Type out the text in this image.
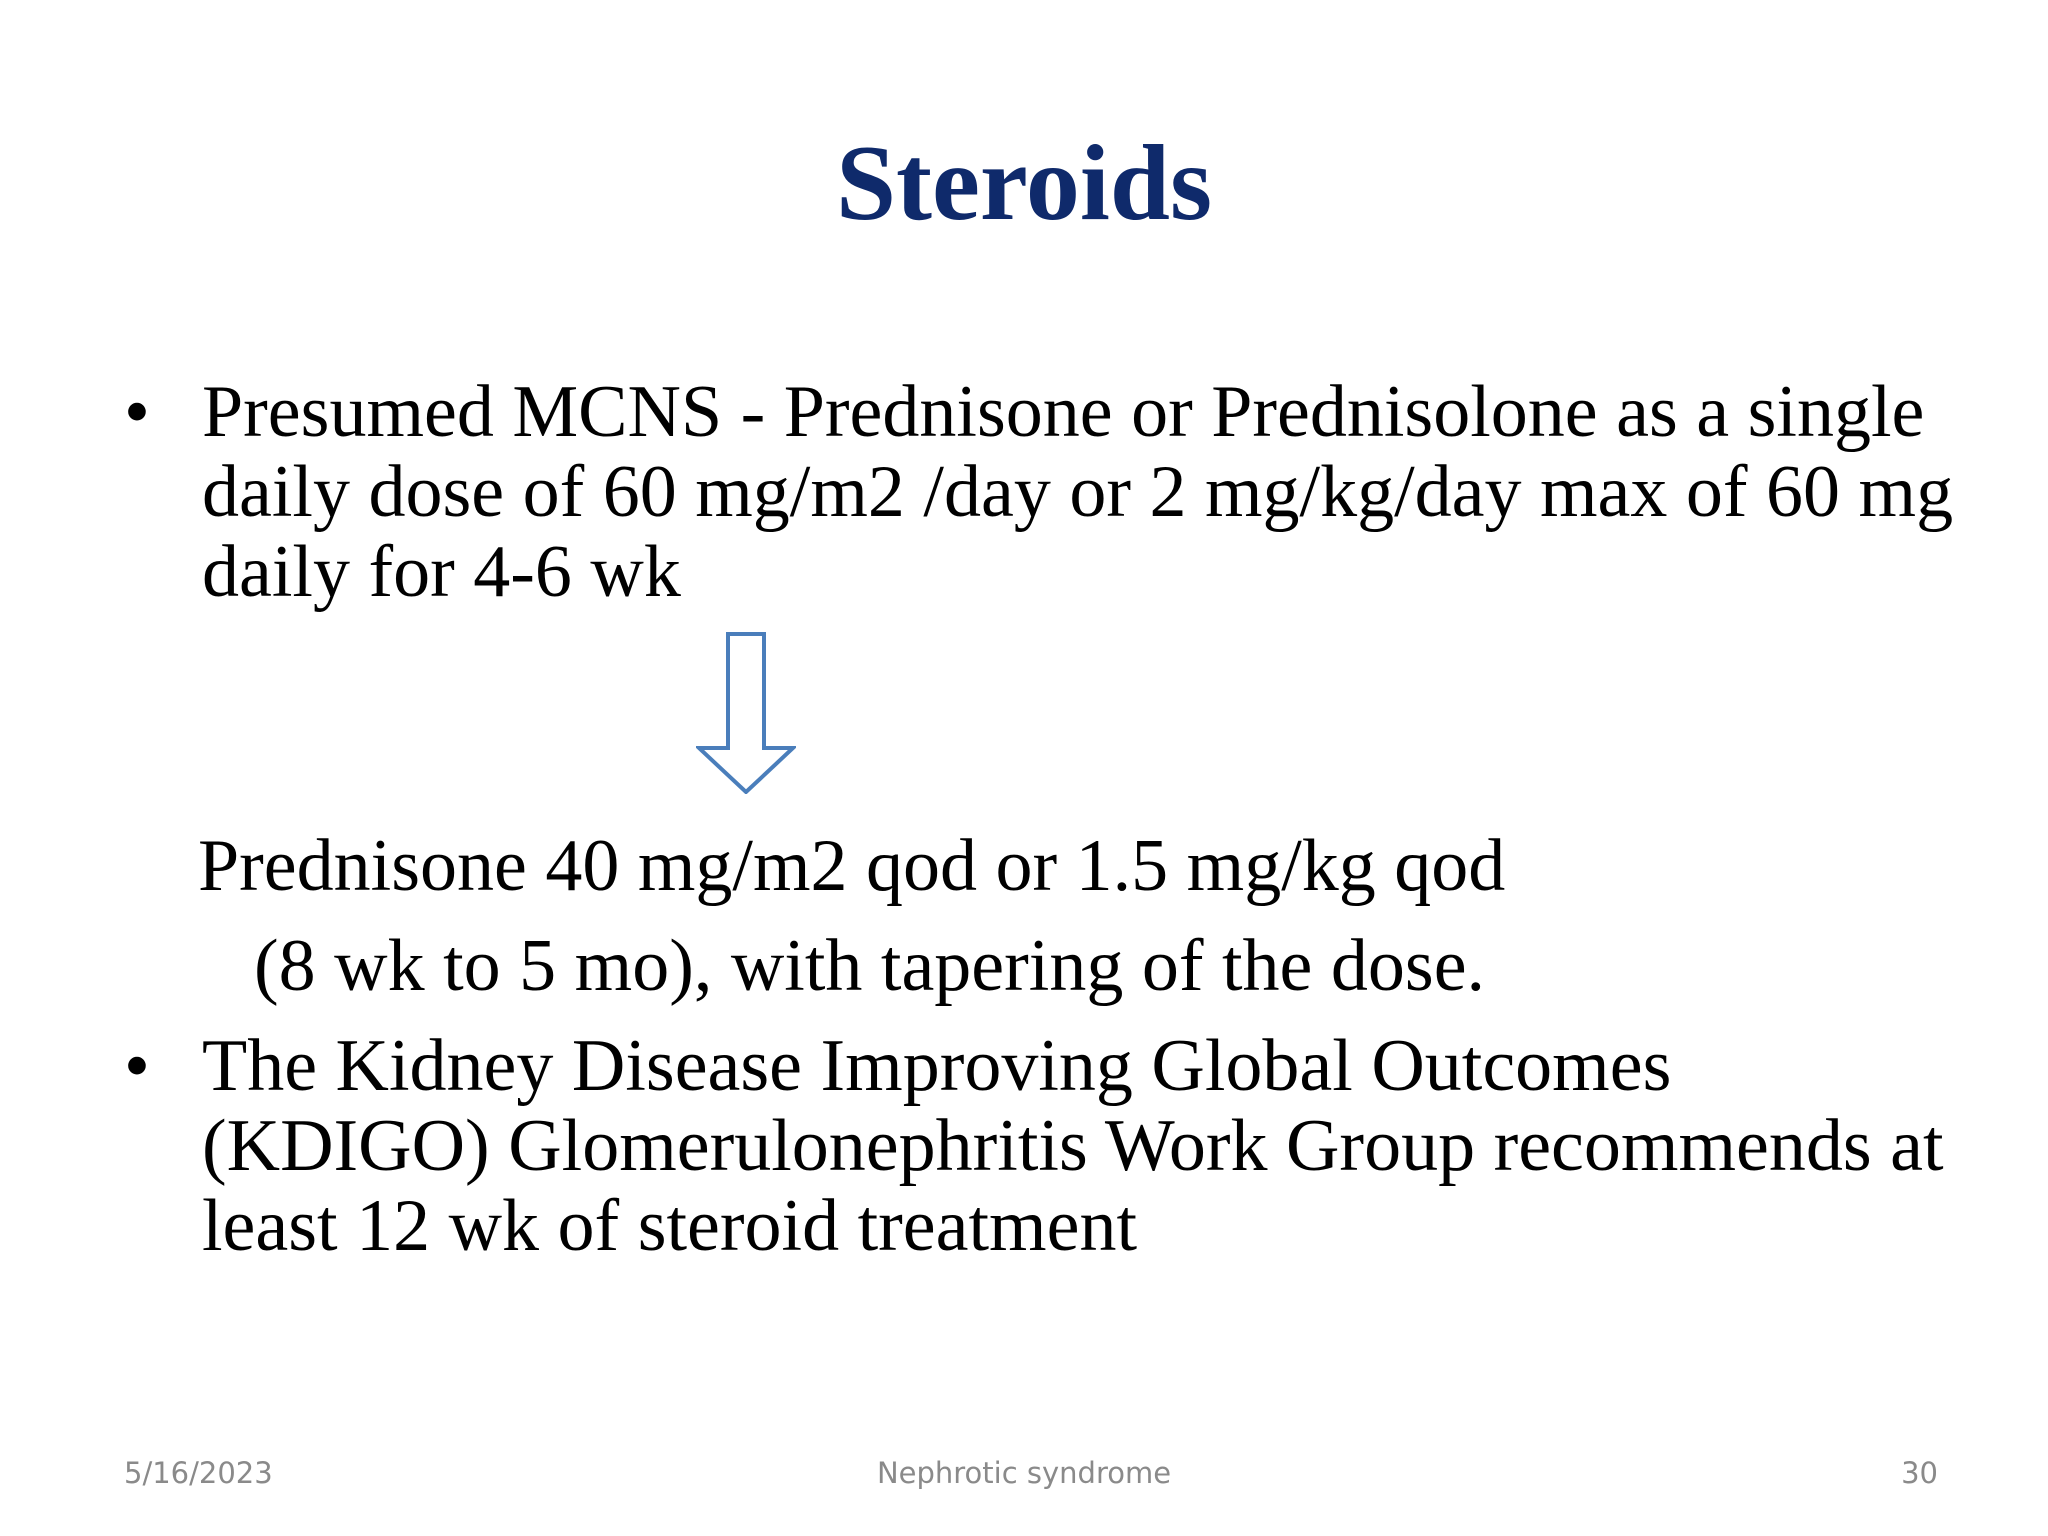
Steroids
• Presumed MCNS - Prednisone or Prednisolone as a single daily dose of 60 mg/m2 /day or 2 mg/kg/day max of 60 mg daily for 4-6 wk
Prednisone 40 mg/m2 qod or 1.5 mg/kg qod
(8 wk to 5 mo), with tapering of the dose.
• The Kidney Disease Improving Global Outcomes (KDIGO) Glomerulonephritis Work Group recommends at least 12 wk of steroid treatment
5/16/2023	Nephrotic syndrome	30
